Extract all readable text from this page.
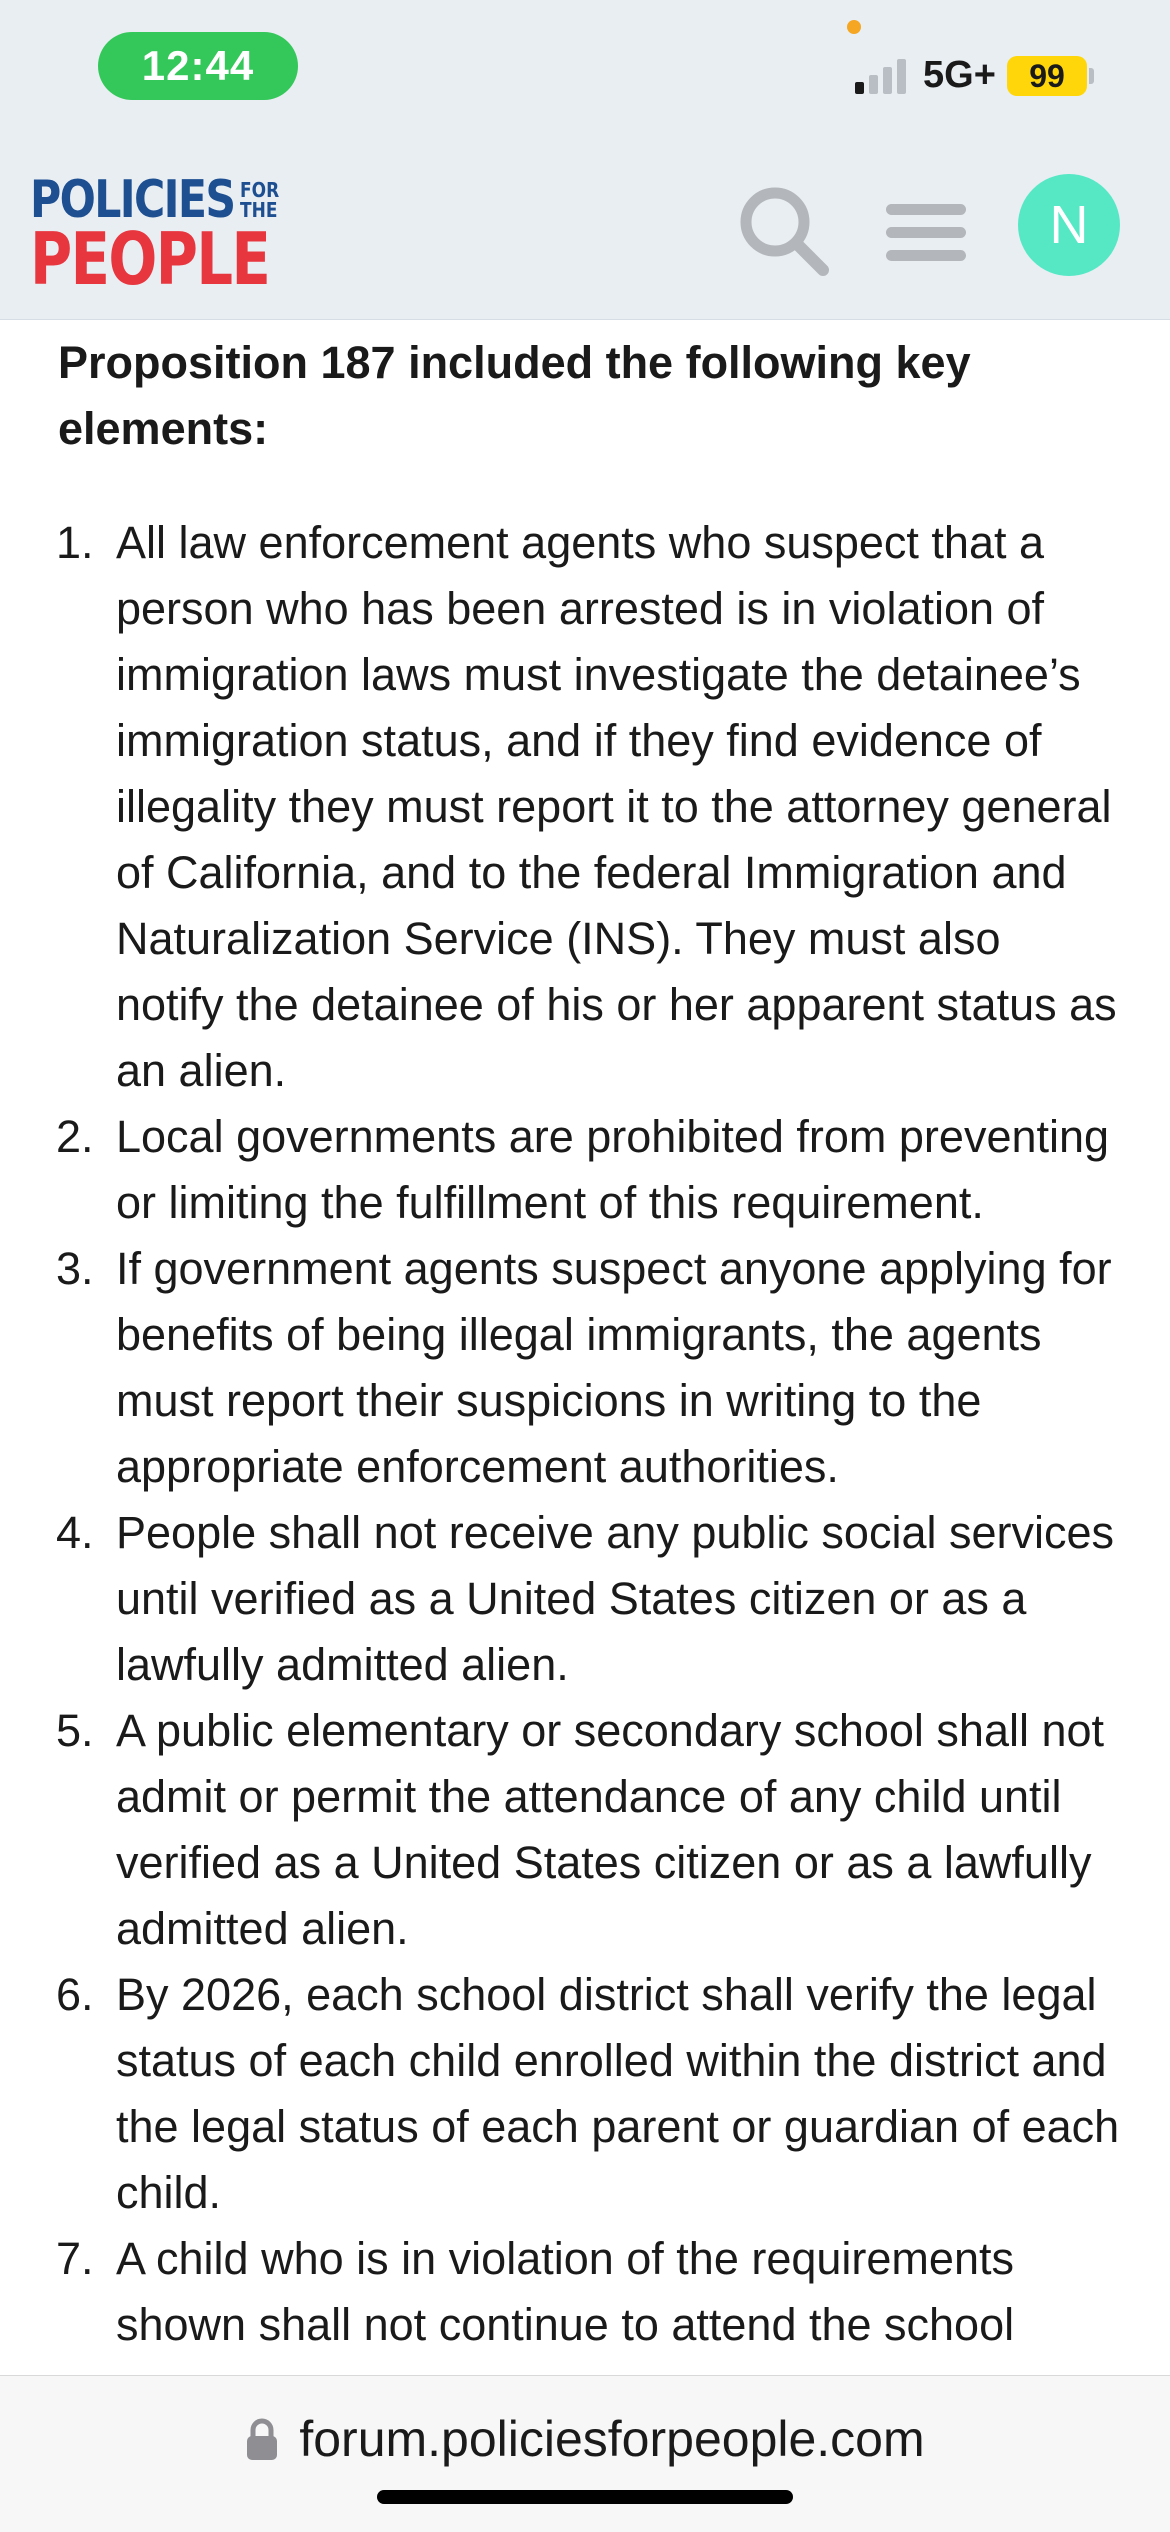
12:44	5G+	99
POLICIES FOR
THE
PEOPLE	N
Proposition 187 included the following key elements:
1. All law enforcement agents who suspect that a person who has been arrested is in violation of immigration laws must investigate the detainee’s immigration status, and if they find evidence of illegality they must report it to the attorney general of California, and to the federal Immigration and Naturalization Service (INS). They must also notify the detainee of his or her apparent status as an alien.
2. Local governments are prohibited from preventing or limiting the fulfillment of this requirement.
3. If government agents suspect anyone applying for benefits of being illegal immigrants, the agents must report their suspicions in writing to the appropriate enforcement authorities.
4. People shall not receive any public social services until verified as a United States citizen or as a lawfully admitted alien.
5. A public elementary or secondary school shall not admit or permit the attendance of any child until verified as a United States citizen or as a lawfully admitted alien.
6. By 2026, each school district shall verify the legal status of each child enrolled within the district and the legal status of each parent or guardian of each child.
7. A child who is in violation of the requirements shown shall not continue to attend the school
forum.policiesforpeople.com
